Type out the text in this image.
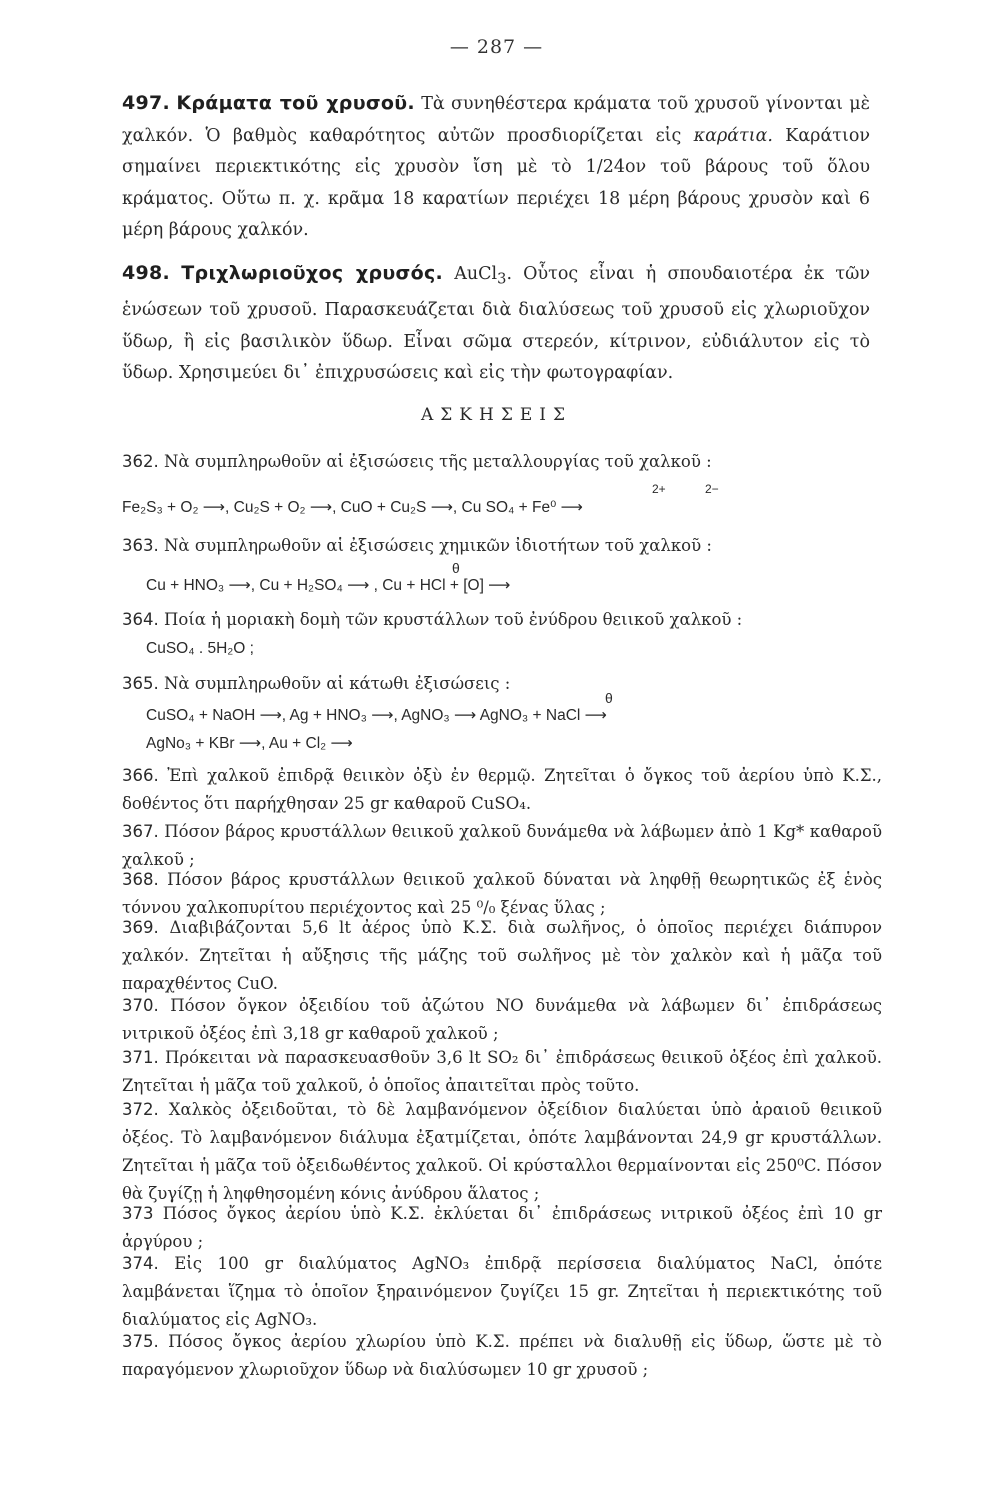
— 287 —
497. Κράματα τοῦ χρυσοῦ. Τὰ συνηθέστερα κράματα τοῦ χρυσοῦ γίνονται μὲ χαλκόν. Ὁ βαθμὸς καθαρότητος αὐτῶν προσδιορίζεται εἰς καράτια. Καράτιον σημαίνει περιεκτικότης εἰς χρυσὸν ἴση μὲ τὸ 1/24ον τοῦ βάρους τοῦ ὅλου κράματος. Οὕτω π. χ. κρᾶμα 18 καρατίων περιέχει 18 μέρη βάρους χρυσὸν καὶ 6 μέρη βάρους χαλκόν.
498. Τριχλωριοῦχος χρυσός. AuCl$_3$. Οὗτος εἶναι ἡ σπουδαιοτέρα ἐκ τῶν ἑνώσεων τοῦ χρυσοῦ. Παρασκευάζεται διὰ διαλύσεως τοῦ χρυσοῦ εἰς χλωριοῦχον ὕδωρ, ἢ εἰς βασιλικὸν ὕδωρ. Εἶναι σῶμα στερεόν, κίτρινον, εὐδιάλυτον εἰς τὸ ὕδωρ. Χρησιμεύει δι᾽ ἐπιχρυσώσεις καὶ εἰς τὴν φωτογραφίαν.
ΑΣΚΗΣΕΙΣ
362. Νὰ συμπληρωθοῦν αἱ ἐξισώσεις τῆς μεταλλουργίας τοῦ χαλκοῦ :
2+	2−
Fe₂S₃ + O₂ ⟶, Cu₂S + O₂ ⟶, CuO + Cu₂S ⟶, Cu SO₄ + Fe⁰ ⟶
363. Νὰ συμπληρωθοῦν αἱ ἐξισώσεις χημικῶν ἰδιοτήτων τοῦ χαλκοῦ :
θ
Cu + HNO₃ ⟶, Cu + H₂SO₄ ⟶ , Cu + HCl + [O] ⟶
364. Ποία ἡ μοριακὴ δομὴ τῶν κρυστάλλων τοῦ ἐνύδρου θειικοῦ χαλκοῦ :
CuSO₄ . 5H₂O ;
365. Νὰ συμπληρωθοῦν αἱ κάτωθι ἐξισώσεις :
θ
CuSO₄ + NaOH ⟶, Ag + HNO₃ ⟶, AgNO₃ ⟶ AgNO₃ + NaCl ⟶
AgNo₃ + KBr ⟶, Au + Cl₂ ⟶
366. Ἐπὶ χαλκοῦ ἐπιδρᾷ θειικὸν ὀξὺ ἐν θερμῷ. Ζητεῖται ὁ ὄγκος τοῦ ἀερίου ὑπὸ Κ.Σ., δοθέντος ὅτι παρήχθησαν 25 gr καθαροῦ CuSO₄.
367. Πόσον βάρος κρυστάλλων θειικοῦ χαλκοῦ δυνάμεθα νὰ λάβωμεν ἀπὸ 1 Kg* καθαροῦ χαλκοῦ ;
368. Πόσον βάρος κρυστάλλων θειικοῦ χαλκοῦ δύναται νὰ ληφθῇ θεωρητικῶς ἐξ ἑνὸς τόννου χαλκοπυρίτου περιέχοντος καὶ 25 ⁰/₀ ξένας ὕλας ;
369. Διαβιβάζονται 5,6 lt ἀέρος ὑπὸ Κ.Σ. διὰ σωλῆνος, ὁ ὁποῖος περιέχει διάπυρον χαλκόν. Ζητεῖται ἡ αὔξησις τῆς μάζης τοῦ σωλῆνος μὲ τὸν χαλκὸν καὶ ἡ μᾶζα τοῦ παραχθέντος CuO.
370. Πόσον ὄγκον ὀξειδίου τοῦ ἀζώτου NO δυνάμεθα νὰ λάβωμεν δι᾽ ἐπιδράσεως νιτρικοῦ ὀξέος ἐπὶ 3,18 gr καθαροῦ χαλκοῦ ;
371. Πρόκειται νὰ παρασκευασθοῦν 3,6 lt SO₂ δι᾽ ἐπιδράσεως θειικοῦ ὀξέος ἐπὶ χαλκοῦ. Ζητεῖται ἡ μᾶζα τοῦ χαλκοῦ, ὁ ὁποῖος ἀπαιτεῖται πρὸς τοῦτο.
372. Χαλκὸς ὀξειδοῦται, τὸ δὲ λαμβανόμενον ὀξείδιον διαλύεται ὑπὸ ἀραιοῦ θειικοῦ ὀξέος. Τὸ λαμβανόμενον διάλυμα ἐξατμίζεται, ὁπότε λαμβάνονται 24,9 gr κρυστάλλων. Ζητεῖται ἡ μᾶζα τοῦ ὀξειδωθέντος χαλκοῦ. Οἱ κρύσταλλοι θερμαίνονται εἰς 250⁰C. Πόσον θὰ ζυγίζῃ ἡ ληφθησομένη κόνις ἀνύδρου ἅλατος ;
373 Πόσος ὄγκος ἀερίου ὑπὸ Κ.Σ. ἐκλύεται δι᾽ ἐπιδράσεως νιτρικοῦ ὀξέος ἐπὶ 10 gr ἀργύρου ;
374. Εἰς 100 gr διαλύματος AgNO₃ ἐπιδρᾷ περίσσεια διαλύματος NaCl, ὁπότε λαμβάνεται ἵζημα τὸ ὁποῖον ξηραινόμενον ζυγίζει 15 gr. Ζητεῖται ἡ περιεκτικότης τοῦ διαλύματος εἰς AgNO₃.
375. Πόσος ὄγκος ἀερίου χλωρίου ὑπὸ Κ.Σ. πρέπει νὰ διαλυθῇ εἰς ὕδωρ, ὥστε μὲ τὸ παραγόμενον χλωριοῦχον ὕδωρ νὰ διαλύσωμεν 10 gr χρυσοῦ ;
